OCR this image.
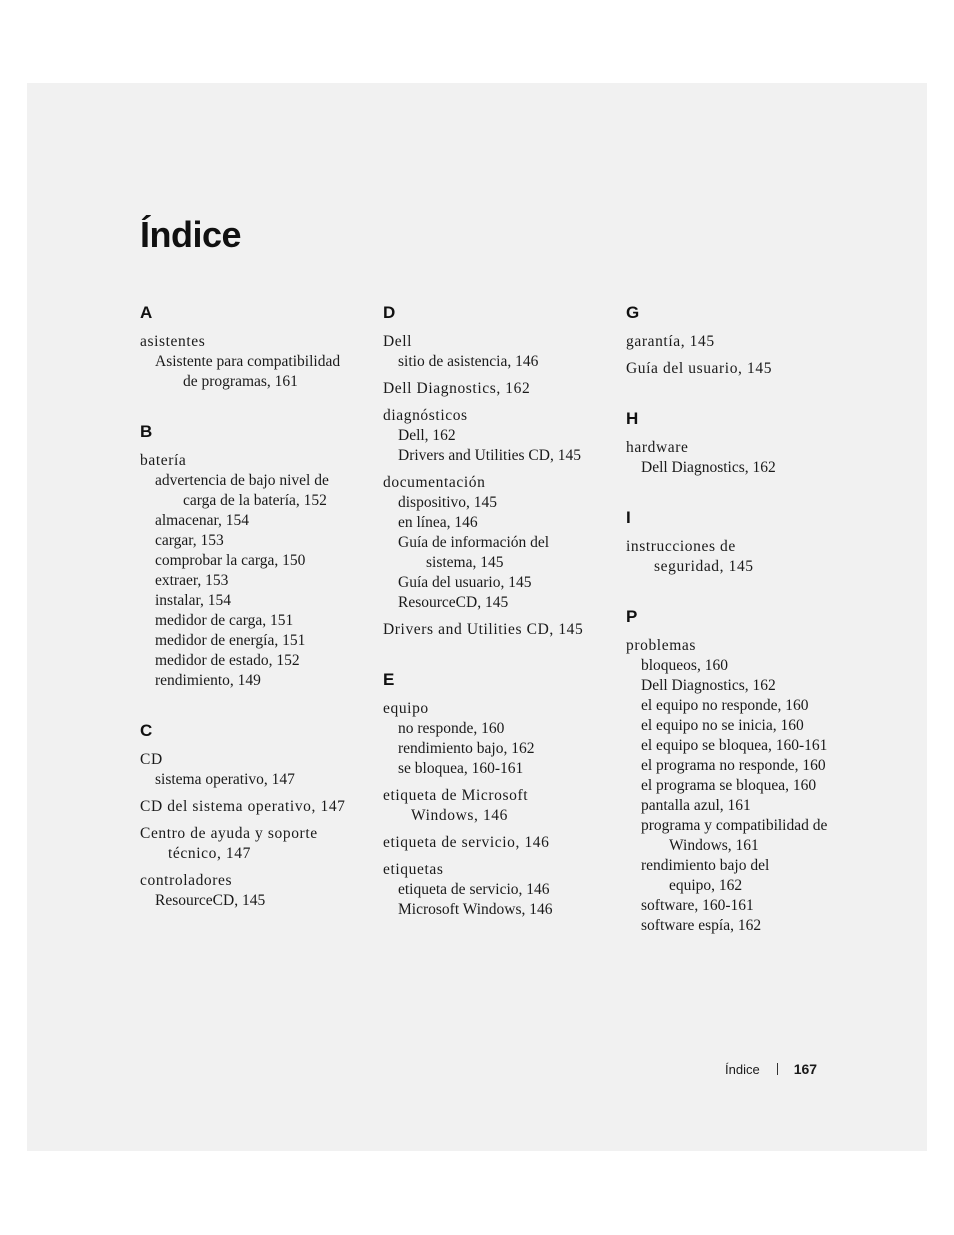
Índice
A
asistentes
Asistente para compatibilidad
de programas, 161
B
batería
advertencia de bajo nivel de
carga de la batería, 152
almacenar, 154
cargar, 153
comprobar la carga, 150
extraer, 153
instalar, 154
medidor de carga, 151
medidor de energía, 151
medidor de estado, 152
rendimiento, 149
C
CD
sistema operativo, 147
CD del sistema operativo, 147
Centro de ayuda y soporte
técnico, 147
controladores
ResourceCD, 145
D
Dell
sitio de asistencia, 146
Dell Diagnostics, 162
diagnósticos
Dell, 162
Drivers and Utilities CD, 145
documentación
dispositivo, 145
en línea, 146
Guía de información del
sistema, 145
Guía del usuario, 145
ResourceCD, 145
Drivers and Utilities CD, 145
E
equipo
no responde, 160
rendimiento bajo, 162
se bloquea, 160-161
etiqueta de Microsoft
Windows, 146
etiqueta de servicio, 146
etiquetas
etiqueta de servicio, 146
Microsoft Windows, 146
G
garantía, 145
Guía del usuario, 145
H
hardware
Dell Diagnostics, 162
I
instrucciones de
seguridad, 145
P
problemas
bloqueos, 160
Dell Diagnostics, 162
el equipo no responde, 160
el equipo no se inicia, 160
el equipo se bloquea, 160-161
el programa no responde, 160
el programa se bloquea, 160
pantalla azul, 161
programa y compatibilidad de
Windows, 161
rendimiento bajo del
equipo, 162
software, 160-161
software espía, 162
Índice 167
